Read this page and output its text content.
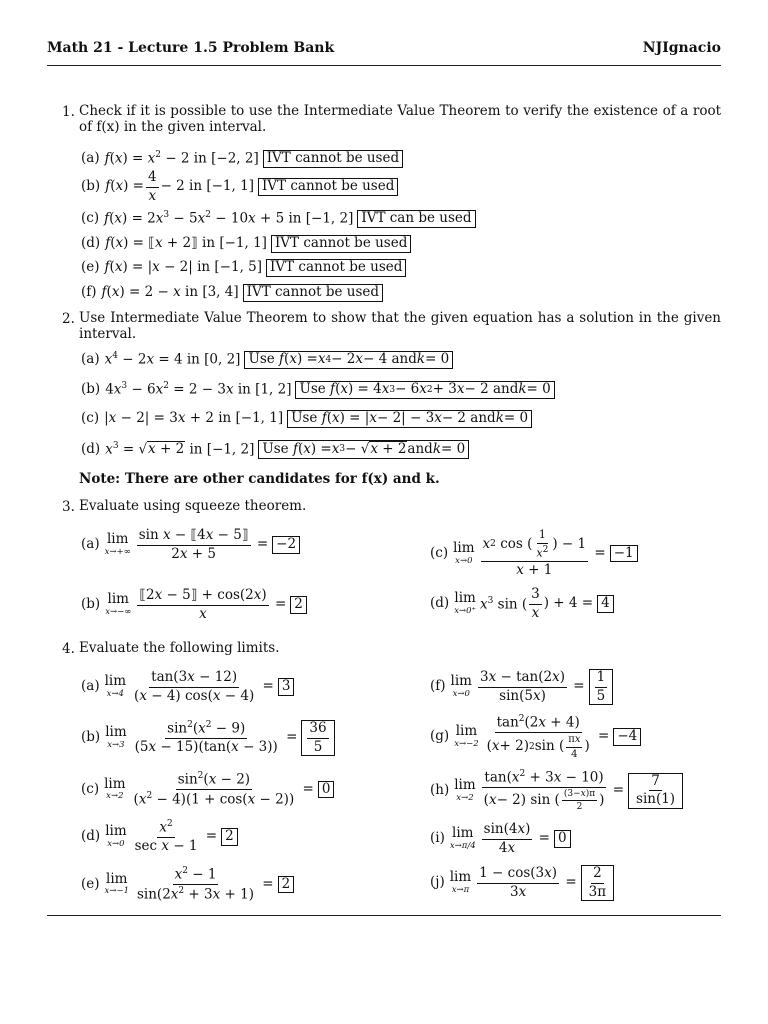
Math 21 - Lecture 1.5 Problem Bank	NJIgnacio
1. Check if it is possible to use the Intermediate Value Theorem to verify the existence of a root of f(x) in the given interval.
(a) $f(x) = x^2 - 2$ in [−2, 2] IVT cannot be used
(b) $f(x) = \frac{4}{x} - 2$ in [−1, 1] IVT cannot be used
(c) $f(x) = 2x^3 - 5x^2 - 10x + 5$ in [−1, 2] IVT can be used
(d) f(x) = ⟦x + 2⟧ in [−1, 1] IVT cannot be used
(e) f(x) = |x − 2| in [−1, 5] IVT cannot be used
(f) f(x) = 2 − x in [3, 4] IVT cannot be used
2. Use Intermediate Value Theorem to show that the given equation has a solution in the given interval.
(a) $x^4 - 2x = 4$ in [0, 2] Use f ( x ) = x 4 − 2 x − 4 and k = 0
(b) $4x^3 - 6x^2 = 2 - 3x$ in [1, 2] Use f ( x ) = 4 x 3 − 6 x 2 + 3 x − 2 and k = 0
(c) |x − 2| = 3x + 2 in [−1, 1] Use f ( x ) = | x − 2| − 3 x − 2 and k = 0
(d) $x^3 = √x + 2$ in [−1, 2] Use f ( x ) = x 3 − √ x + 2 and k = 0
Note: There are other candidates for f(x) and k.
3. Evaluate using squeeze theorem.
(a) lim
$x\to+\infty \frac{\text{sin x − ⟦4x − 5⟧}}{2x + 5} = -2$
(b) lim
$x\to-\infty \frac{⟦2x - 5⟧ + \cos(2x)}{x} = 2$
(c) lim
$x\to 0 \frac{x 2 \cos ( \frac{1}{x^2} ) - 1}{x + 1} = -1$
(d) lim
x→0⁺ $x^3$ sin ( $\frac{3}{x}$ ) + 4 = 4
4. Evaluate the following limits.
(a) lim
$x\to 4 \frac{\tan(3x - 12)}{(x - 4) \cos(x - 4)} = 3$
(b) lim
$x\to 3 \frac{\sin^2(x^2 - 9)}{(5x - 15)(\tan(x - 3))} = \frac{36}{5}$
(c) lim
$x\to 2 \frac{\sin^2(x - 2)}{(x^2 - 4)(1 + \cos(x - 2))} = 0$
(d) lim
$x\to 0 \frac{x^2}{\text{sec x − 1}} = 2$
(e) lim
$x\to-1 \frac{x^2 - 1}{\sin(2x^2 + 3x + 1)} = 2$
(f) lim
$x\to 0 \frac{3x - \tan(2x)}{\sin(5x)} = \frac{1}{5}$
(g) lim
$x\to-2 \frac{\tan^2(2x + 4)}{( x + 2) 2 \sin ( \frac{\pi x}{4} )} = -4$
(h) lim
$x\to 2 \frac{\tan(x^2 + 3x - 10)}{( x - 2) \sin ( \frac{(3-x)\pi}{2} )} = \frac{7}{\sin(1)}$
(i) lim
$x\to\pi/4 \frac{\sin(4x)}{4x} = 0$
(j) lim
$x\to\pi \frac{1 - \cos(3x)}{3x} = \frac{2}{3\pi}$
